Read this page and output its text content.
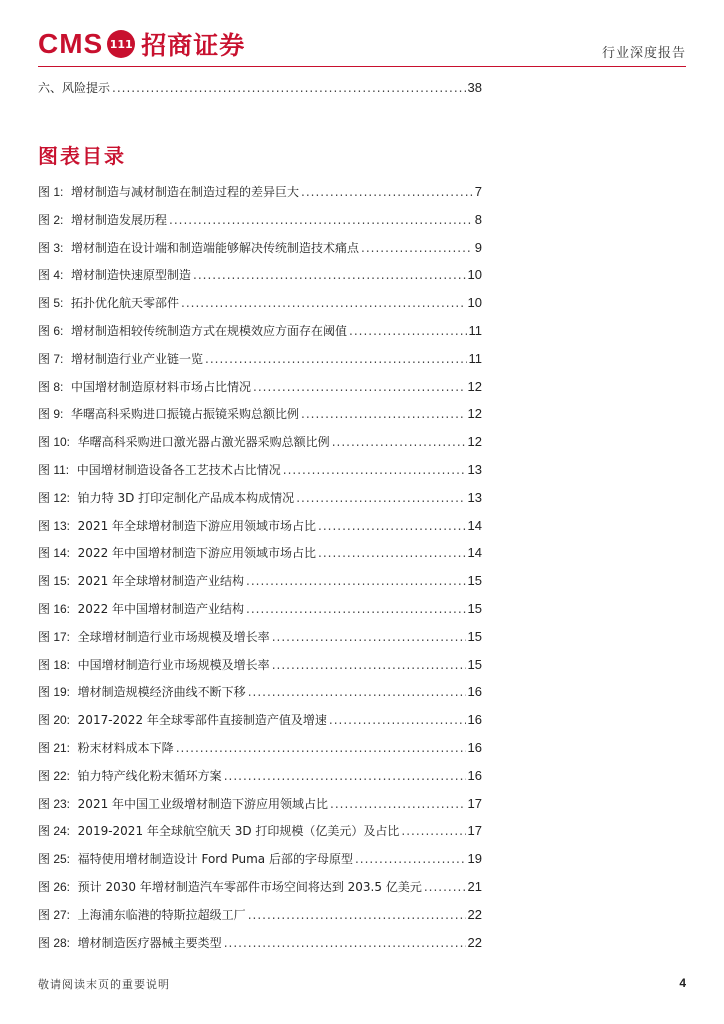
CMS 111 招商证券	行业深度报告
六、风险提示 .....	38
图表目录
图 1: 增材制造与减材制造在制造过程的差异巨大 .....	7
图 2: 增材制造发展历程 .....	8
图 3: 增材制造在设计端和制造端能够解决传统制造技术痛点 .....	9
图 4: 增材制造快速原型制造 .....	10
图 5: 拓扑优化航天零部件 .....	10
图 6: 增材制造相较传统制造方式在规模效应方面存在阈值 .....	11
图 7: 增材制造行业产业链一览 .....	11
图 8: 中国增材制造原材料市场占比情况 .....	12
图 9: 华曙高科采购进口振镜占振镜采购总额比例 .....	12
图 10: 华曙高科采购进口激光器占激光器采购总额比例 .....	12
图 11: 中国增材制造设备各工艺技术占比情况 .....	13
图 12: 铂力特 3D 打印定制化产品成本构成情况 .....	13
图 13: 2021 年全球增材制造下游应用领域市场占比 .....	14
图 14: 2022 年中国增材制造下游应用领域市场占比 .....	14
图 15: 2021 年全球增材制造产业结构 .....	15
图 16: 2022 年中国增材制造产业结构 .....	15
图 17: 全球增材制造行业市场规模及增长率 .....	15
图 18: 中国增材制造行业市场规模及增长率 .....	15
图 19: 增材制造规模经济曲线不断下移 .....	16
图 20: 2017-2022 年全球零部件直接制造产值及增速 .....	16
图 21: 粉末材料成本下降 .....	16
图 22: 铂力特产线化粉末循环方案 .....	16
图 23: 2021 年中国工业级增材制造下游应用领域占比 .....	17
图 24: 2019-2021 年全球航空航天 3D 打印规模（亿美元）及占比 .....	17
图 25: 福特使用增材制造设计 Ford Puma 后部的字母原型 .....	19
图 26: 预计 2030 年增材制造汽车零部件市场空间将达到 203.5 亿美元 .....	21
图 27: 上海浦东临港的特斯拉超级工厂 .....	22
图 28: 增材制造医疗器械主要类型 .....	22
敬请阅读末页的重要说明	4
